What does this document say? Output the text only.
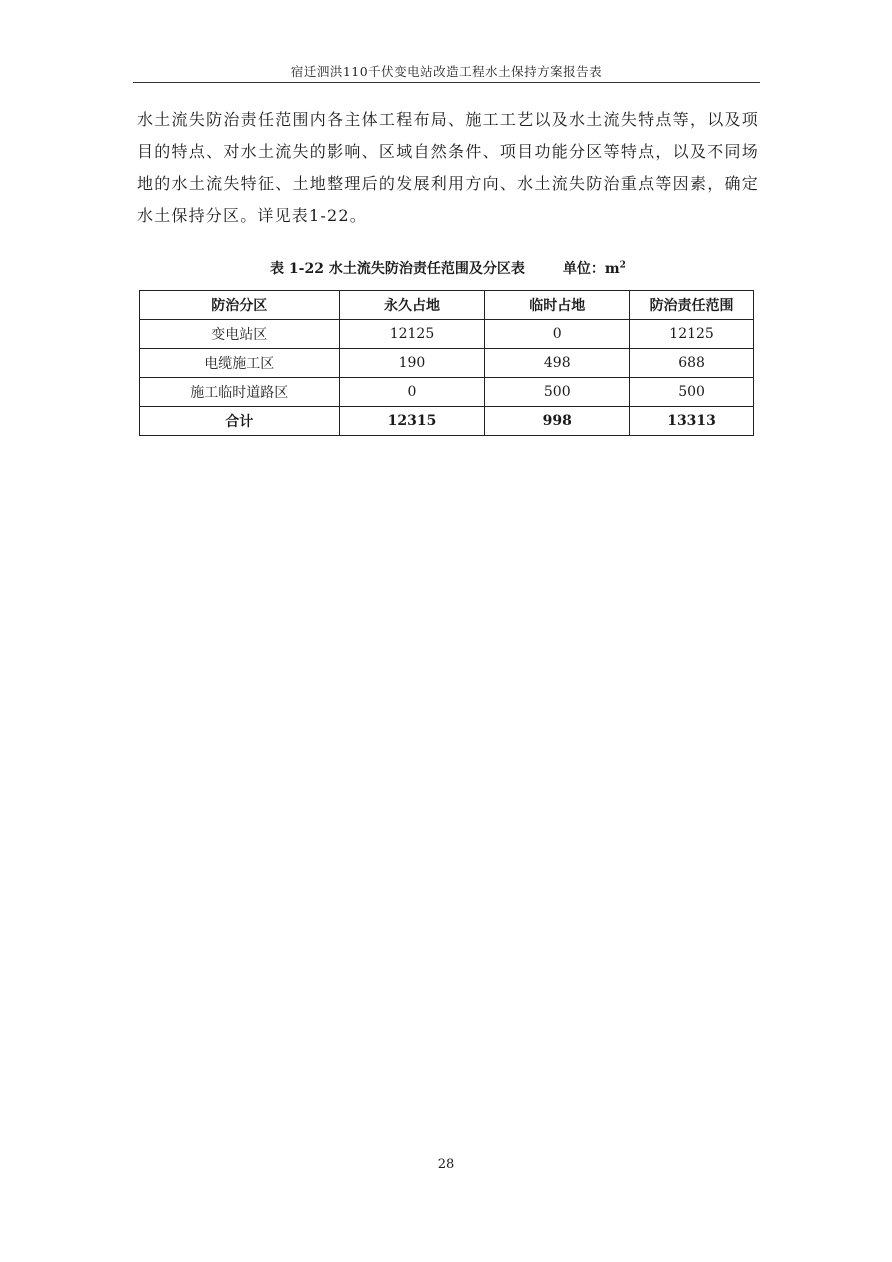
宿迁泗洪110千伏变电站改造工程水土保持方案报告表

水土流失防治责任范围内各主体工程布局、施工工艺以及水土流失特点等，以及项目的特点、对水土流失的影响、区域自然条件、项目功能分区等特点，以及不同场地的水土流失特征、土地整理后的发展利用方向、水土流失防治重点等因素，确定水土保持分区。详见表1-22。

表 1-22 水土流失防治责任范围及分区表	单位：$m^2$
防治分区	永久占地	临时占地	防治责任范围
变电站区	12125	0	12125
电缆施工区	190	498	688
施工临时道路区	0	500	500
合计	12315	998	13313
28
